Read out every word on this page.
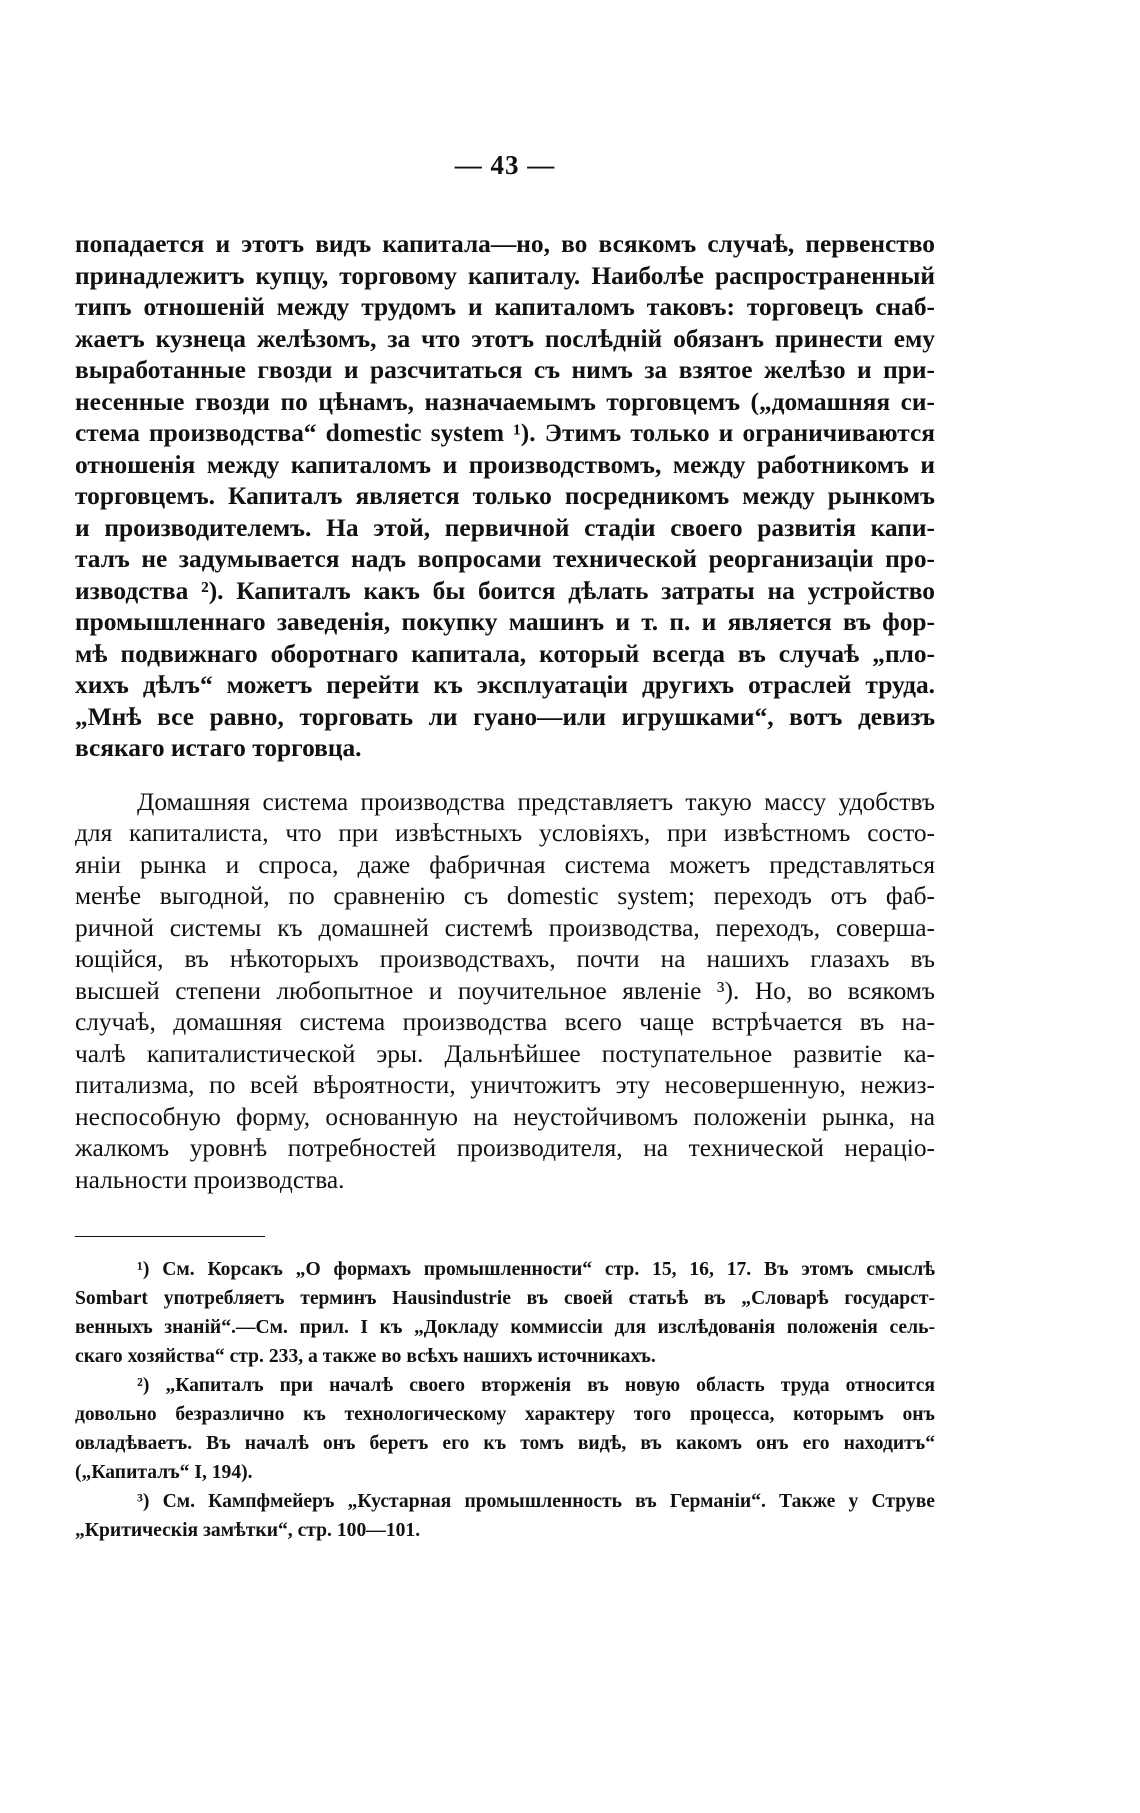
— 43 —
попадается и этотъ видъ капитала—но, во всякомъ случаѣ, первенство
принадлежитъ купцу, торговому капиталу. Наиболѣе распространенный
типъ отношеній между трудомъ и капиталомъ таковъ: торговецъ снаб-
жаетъ кузнеца желѣзомъ, за что этотъ послѣдній обязанъ принести ему
выработанные гвозди и разсчитаться съ нимъ за взятое желѣзо и при-
несенные гвозди по цѣнамъ, назначаемымъ торговцемъ („домашняя си-
стема производства“ domestic system ¹). Этимъ только и ограничиваются
отношенія между капиталомъ и производствомъ, между работникомъ и
торговцемъ. Капиталъ является только посредникомъ между рынкомъ
и производителемъ. На этой, первичной стадіи своего развитія капи-
талъ не задумывается надъ вопросами технической реорганизаціи про-
изводства ²). Капиталъ какъ бы боится дѣлать затраты на устройство
промышленнаго заведенія, покупку машинъ и т. п. и является въ фор-
мѣ подвижнаго оборотнаго капитала, который всегда въ случаѣ „пло-
хихъ дѣлъ“ можетъ перейти къ эксплуатаціи другихъ отраслей труда.
„Мнѣ все равно, торговать ли гуано—или игрушками“, вотъ девизъ
всякаго истаго торговца.
Домашняя система производства представляетъ такую массу удобствъ
для капиталиста, что при извѣстныхъ условіяхъ, при извѣстномъ состо-
яніи рынка и спроса, даже фабричная система можетъ представляться
менѣе выгодной, по сравненію съ domestic system; переходъ отъ фаб-
ричной системы къ домашней системѣ производства, переходъ, соверша-
ющійся, въ нѣкоторыхъ производствахъ, почти на нашихъ глазахъ въ
высшей степени любопытное и поучительное явленіе ³). Но, во всякомъ
случаѣ, домашняя система производства всего чаще встрѣчается въ на-
чалѣ капиталистической эры. Дальнѣйшее поступательное развитіе ка-
питализма, по всей вѣроятности, уничтожитъ эту несовершенную, нежиз-
неспособную форму, основанную на неустойчивомъ положеніи рынка, на
жалкомъ уровнѣ потребностей производителя, на технической нераціо-
нальности производства.
¹) См. Корсакъ „О формахъ промышленности“ стр. 15, 16, 17. Въ этомъ смыслѣ
Sombart употребляетъ терминъ Hausindustrie въ своей статьѣ въ „Словарѣ государст-
венныхъ знаній“.—См. прил. I къ „Докладу коммиссіи для изслѣдованія положенія сель-
скаго хозяйства“ стр. 233, а также во всѣхъ нашихъ источникахъ.
²) „Капиталъ при началѣ своего вторженія въ новую область труда относится
довольно безразлично къ технологическому характеру того процесса, которымъ онъ
овладѣваетъ. Въ началѣ онъ беретъ его къ томъ видѣ, въ какомъ онъ его находитъ“
(„Капиталъ“ I, 194).
³) См. Кампфмейеръ „Кустарная промышленность въ Германіи“. Также у Струве
„Критическія замѣтки“, стр. 100—101.
